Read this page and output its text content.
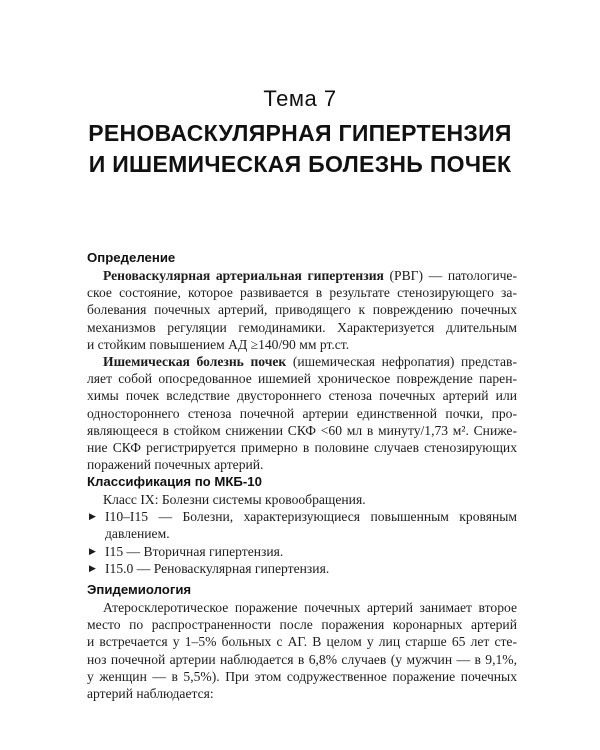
Тема 7
РЕНОВАСКУЛЯРНАЯ ГИПЕРТЕНЗИЯ
И ИШЕМИЧЕСКАЯ БОЛЕЗНЬ ПОЧЕК
Определение
Реноваскулярная артериальная гипертензия (РВГ) — патологиче-
ское состояние, которое развивается в результате стенозирующего за-
болевания почечных артерий, приводящего к повреждению почечных
механизмов регуляции гемодинамики. Характеризуется длительным
и стойким повышением АД ≥140/90 мм рт.ст.
Ишемическая болезнь почек (ишемическая нефропатия) представ-
ляет собой опосредованное ишемией хроническое повреждение парен-
химы почек вследствие двустороннего стеноза почечных артерий или
одностороннего стеноза почечной артерии единственной почки, про-
являющееся в стойком снижении СКФ <60 мл в минуту/1,73 м². Сниже-
ние СКФ регистрируется примерно в половине случаев стенозирующих
поражений почечных артерий.
Классификация по МКБ-10
Класс IX: Болезни системы кровообращения.
▶ I10–I15 — Болезни, характеризующиеся повышенным кровяным
давлением.
▶ I15 — Вторичная гипертензия.
▶ I15.0 — Реноваскулярная гипертензия.
Эпидемиология
Атеросклеротическое поражение почечных артерий занимает второе
место по распространенности после поражения коронарных артерий
и встречается у 1–5% больных с АГ. В целом у лиц старше 65 лет сте-
ноз почечной артерии наблюдается в 6,8% случаев (у мужчин — в 9,1%,
у женщин — в 5,5%). При этом содружественное поражение почечных
артерий наблюдается:
